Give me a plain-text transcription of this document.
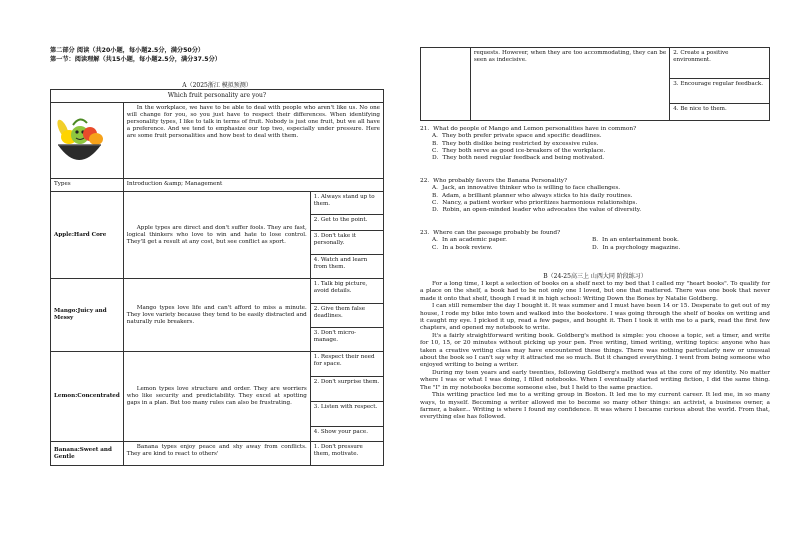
第二部分 阅读（共20小题，每小题2.5分，满分50分）
第一节：阅读理解（共15小题，每小题2.5分，满分37.5分）
A（2025浙江 模拟预测）
Which fruit personality are you?		
	In the workplace, we have to be able to deal with people who aren't like us. No one will change for you, so you just have to respect their differences. When identifying personality types, I like to talk in terms of fruit. Nobody is just one fruit, but we all have a preference. And we tend to emphasize our top two, especially under pressure. Here are some fruit personalities and how best to deal with them.	
Types	Introduction &amp; Management	
Apple:Hard Core	Apple types are direct and don't suffer fools. They are fast, logical thinkers who love to win and hate to lose control. They'll get a result at any cost, but see conflict as sport.	1. Always stand up to them.
		2. Get to the point.
		3. Don't take it personally.
		4. Watch and learn from them.
Mango:Juicy and Messy	Mango types love life and can't afford to miss a minute. They love variety because they tend to be easily distracted and naturally rule breakers.	1. Talk big picture, avoid details.
		2. Give them false deadlines.
		3. Don't micro-manage.
Lemon:Concentrated	Lemon types love structure and order. They are worriers who like security and predictability. They excel at spotting gaps in a plan. But too many rules can also be frustrating.	1. Respect their need for space.
		2. Don't surprise them.
		3. Listen with respect.
		4. Show your pace.
Banana:Sweet and Gentle	Banana types enjoy peace and shy away from conflicts. They are kind to react to others'	1. Don't pressure them, motivate.
	requests. However, when they are too accommodating, they can be seen as indecisive.	2. Create a positive environment.
3. Encourage regular feedback.
4. Be nice to them.
21．What do people of Mango and Lemon personalities have in common?
A．They both prefer private space and specific deadlines.
B．They both dislike being restricted by excessive rules.
C．They both serve as good ice-breakers of the workplace.
D．They both need regular feedback and being motivated.
22．Who probably favors the Banana Personality?
A．Jack, an innovative thinker who is willing to face challenges.
B．Adam, a brilliant planner who always sticks to his daily routines.
C．Nancy, a patient worker who prioritizes harmonious relationships.
D．Robin, an open-minded leader who advocates the value of diversity.
23．Where can the passage probably be found?
A．In an academic paper.	B．In an entertainment book.
C．In a book review.	D．In a psychology magazine.
B（24-25高三上 山西大同 阶段练习）

For a long time, I kept a selection of books on a shelf next to my bed that I called my "heart books". To qualify for a place on the shelf, a book had to be not only one I loved, but one that mattered. There was one book that never made it onto that shelf, though I read it in high school: Writing Down the Bones by Natalie Goldberg.

I can still remember the day I bought it. It was summer and I must have been 14 or 15. Desperate to get out of my house, I rode my bike into town and walked into the bookstore. I was going through the shelf of books on writing and it caught my eye. I picked it up, read a few pages, and bought it. Then I took it with me to a park, read the first few chapters, and opened my notebook to write.

It's a fairly straightforward writing book. Goldberg's method is simple: you choose a topic, set a timer, and write for 10, 15, or 20 minutes without picking up your pen. Free writing, timed writing, writing topics: anyone who has taken a creative writing class may have encountered these things. There was nothing particularly new or unusual about the book so I can't say why it attracted me so much. But it changed everything. I went from being someone who enjoyed writing to being a writer.

During my teen years and early twenties, following Goldberg's method was at the core of my identity. No matter where I was or what I was doing, I filled notebooks. When I eventually started writing fiction, I did the same thing. The "I" in my notebooks become someone else, but I held to the same practice.

This writing practice led me to a writing group in Boston. It led me to my current career. It led me, in so many ways, to myself. Becoming a writer allowed me to become so many other things: an activist, a business owner, a farmer, a baker... Writing is where I found my confidence. It was where I became curious about the world. From that, everything else has followed.
